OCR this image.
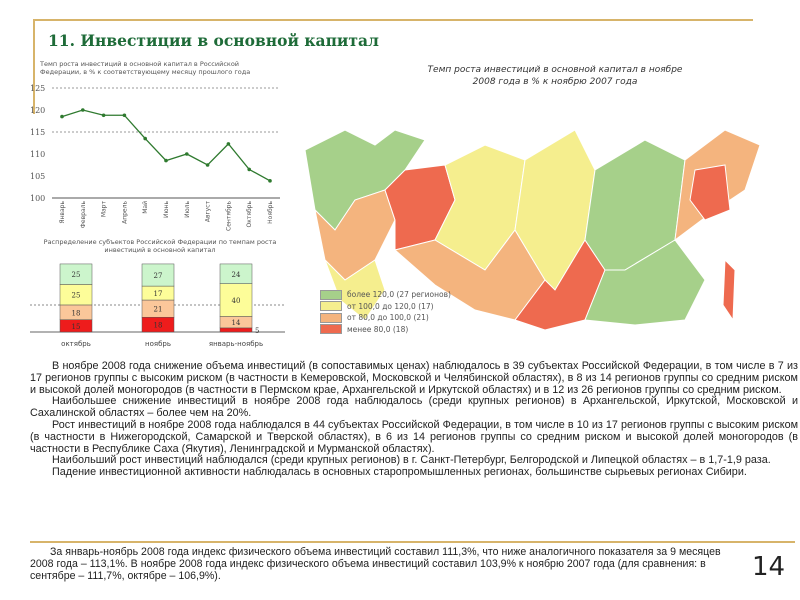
11. Инвестиции в основной капитал
Темп роста инвестиций в основной капитал в Российской Федерации, в % к соответствующему месяцу прошлого года
125
120
115
110
105
100
Январь Февраль Март Апрель Май Июнь Июль Август Сентябрь Октябрь Ноябрь
Распределение субъектов Российской Федерации по темпам роста инвестиций в основной капитал
15
18
25
25
октябрь
18
21
17
27
ноябрь
5
14
40
24
январь-ноябрь
Темп роста инвестиций в основной капитал в ноябре 2008 года в % к ноябрю 2007 года
более 120,0 (27 регионов)
от 100,0 до 120,0 (17)
от 80,0 до 100,0 (21)
менее 80,0 (18)

В ноябре 2008 года снижение объема инвестиций (в сопоставимых ценах) наблюдалось в 39 субъектах Российской Федерации, в том числе в 7 из 17 регионов группы с высоким риском (в частности в Кемеровской, Московской и Челябинской областях), в 8 из 14 регионов группы со средним риском и высокой долей моногородов (в частности в Пермском крае, Архангельской и Иркутской областях) и в 12 из 26 регионов группы со средним риском.

Наибольшее снижение инвестиций в ноябре 2008 года наблюдалось (среди крупных регионов) в Архангельской, Иркутской, Московской и Сахалинской областях – более чем на 20%.

Рост инвестиций в ноябре 2008 года наблюдался в 44 субъектах Российской Федерации, в том числе в 10 из 17 регионов группы с высоким риском (в частности в Нижегородской, Самарской и Тверской областях), в 6 из 14 регионов группы со средним риском и высокой долей моногородов (в частности в Республике Саха (Якутия), Ленинградской и Мурманской областях).

Наибольший рост инвестиций наблюдался (среди крупных регионов) в г. Санкт-Петербург, Белгородской и Липецкой областях – в 1,7-1,9 раза.

Падение инвестиционной активности наблюдалась в основных старопромышленных регионах, большинстве сырьевых регионах Сибири.

За январь-ноябрь 2008 года индекс физического объема инвестиций составил 111,3%, что ниже аналогичного показателя за 9 месяцев 2008 года – 113,1%. В ноябре 2008 года индекс физического объема инвестиций составил 103,9% к ноябрю 2007 года (для сравнения: в сентябре – 111,7%, октябре – 106,9%).	14
